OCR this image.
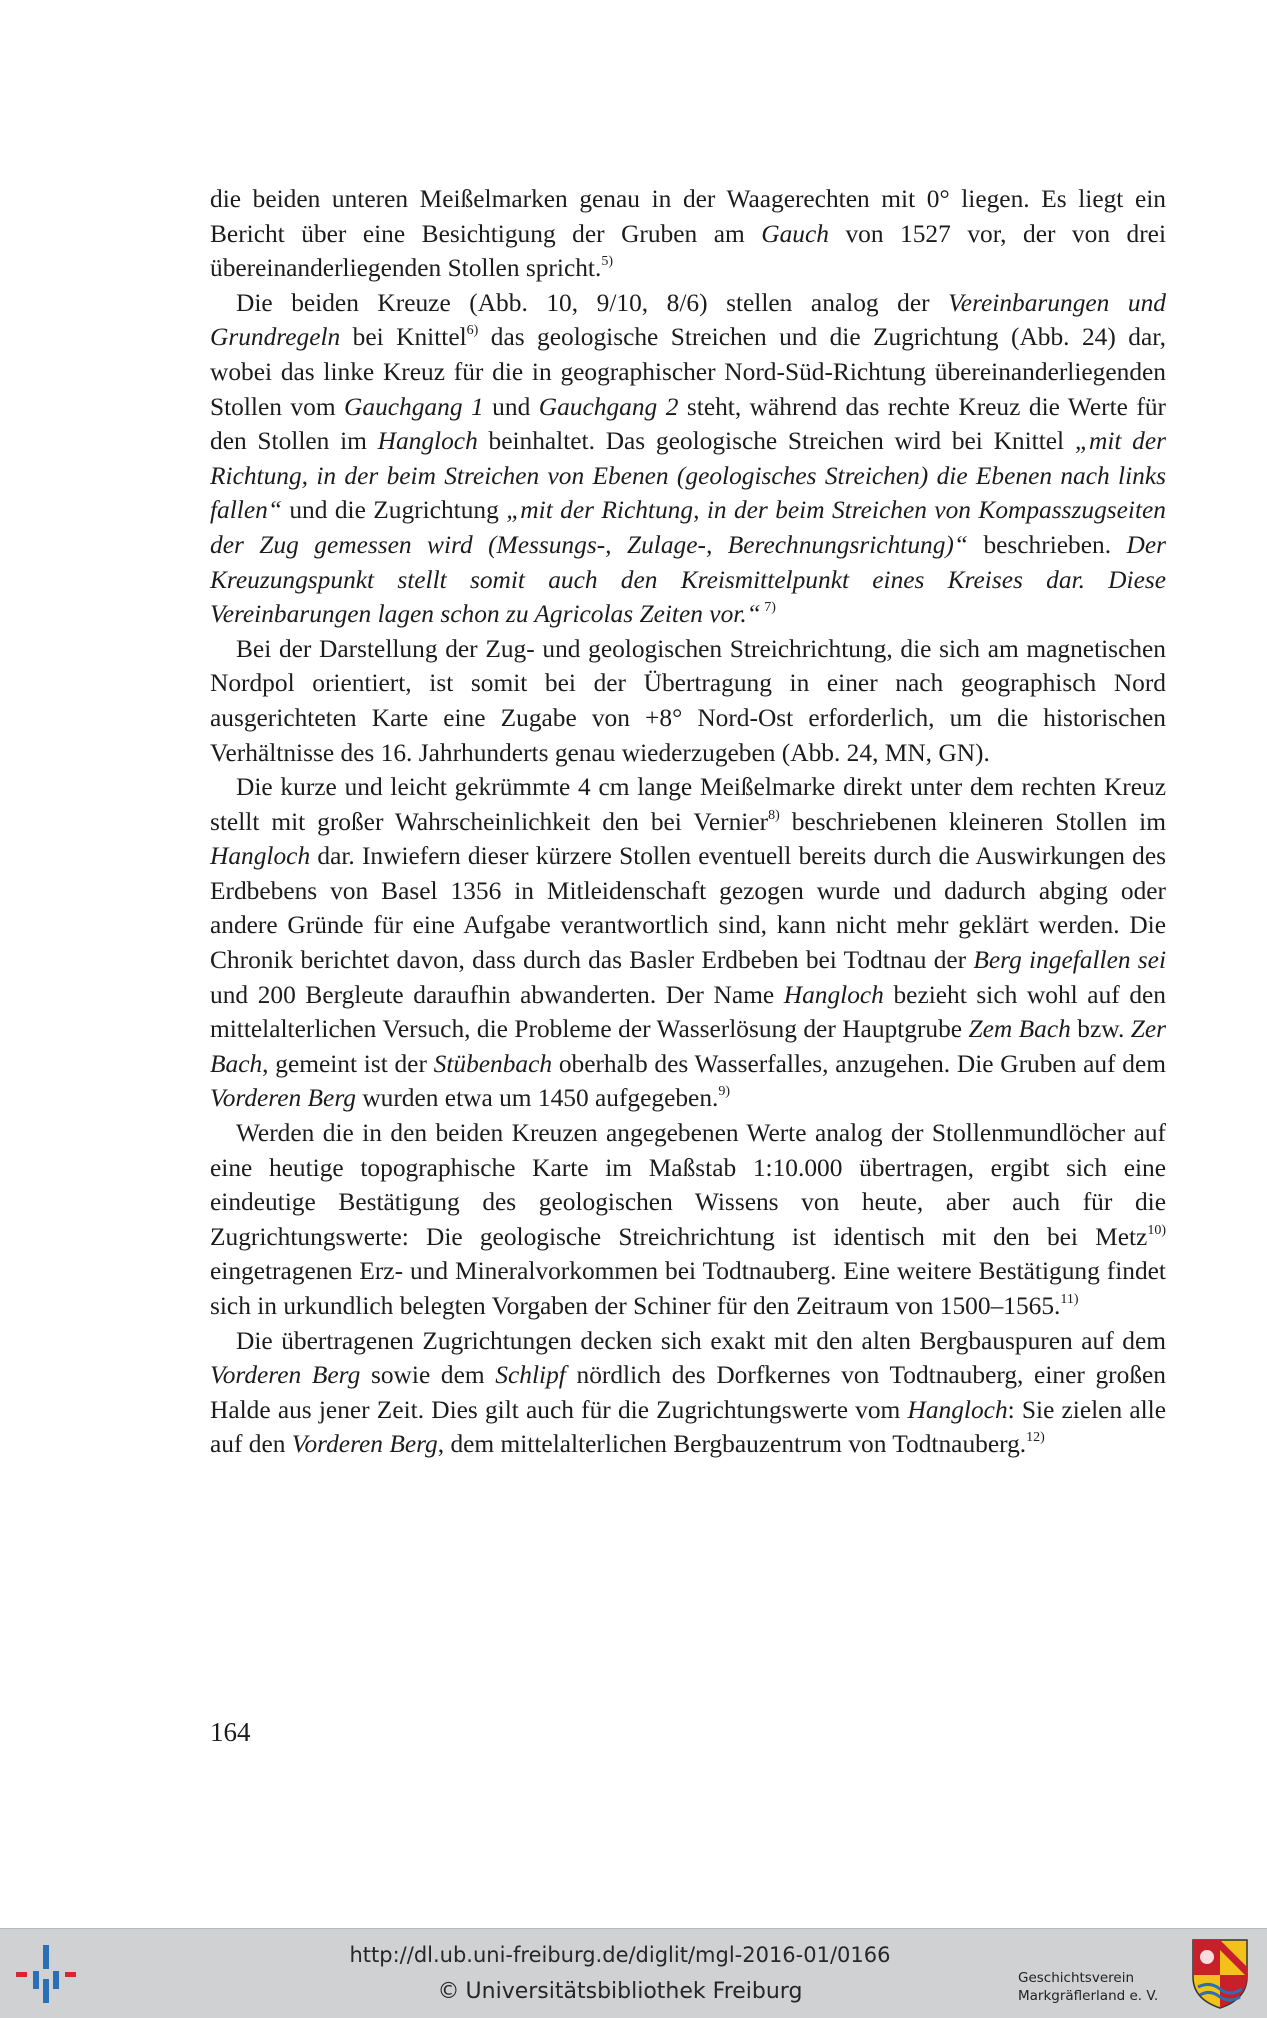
die beiden unteren Meißelmarken genau in der Waagerechten mit 0° liegen. Es liegt ein Bericht über eine Besichtigung der Gruben am Gauch von 1527 vor, der von drei übereinanderliegenden Stollen spricht.$^{5)}$

Die beiden Kreuze (Abb. 10, 9/10, 8/6) stellen analog der Vereinbarungen und Grundregeln bei Knittel$^{6)}$ das geologische Streichen und die Zugrichtung (Abb. 24) dar, wobei das linke Kreuz für die in geographischer Nord-Süd-Richtung übereinanderliegenden Stollen vom Gauchgang 1 und Gauchgang 2 steht, während das rechte Kreuz die Werte für den Stollen im Hangloch beinhaltet. Das geologische Streichen wird bei Knittel „mit der Richtung, in der beim Streichen von Ebenen (geologisches Streichen) die Ebenen nach links fallen“ und die Zugrichtung „mit der Richtung, in der beim Streichen von Kompasszugseiten der Zug gemessen wird (Messungs-, Zulage-, Berechnungsrichtung)“ beschrieben. Der Kreuzungspunkt stellt somit auch den Kreismittelpunkt eines Kreises dar. Diese Vereinbarungen lagen schon zu Agricolas Zeiten vor.“ $^{7)}$

Bei der Darstellung der Zug- und geologischen Streichrichtung, die sich am magnetischen Nordpol orientiert, ist somit bei der Übertragung in einer nach geographisch Nord ausgerichteten Karte eine Zugabe von +8° Nord-Ost erforderlich, um die historischen Verhältnisse des 16. Jahrhunderts genau wiederzugeben (Abb. 24, MN, GN).

Die kurze und leicht gekrümmte 4 cm lange Meißelmarke direkt unter dem rechten Kreuz stellt mit großer Wahrscheinlichkeit den bei Vernier$^{8)}$ beschriebenen kleineren Stollen im Hangloch dar. Inwiefern dieser kürzere Stollen eventuell bereits durch die Auswirkungen des Erdbebens von Basel 1356 in Mitleidenschaft gezogen wurde und dadurch abging oder andere Gründe für eine Aufgabe verantwortlich sind, kann nicht mehr geklärt werden. Die Chronik berichtet davon, dass durch das Basler Erdbeben bei Todtnau der Berg ingefallen sei und 200 Bergleute daraufhin abwanderten. Der Name Hangloch bezieht sich wohl auf den mittelalterlichen Versuch, die Probleme der Wasserlösung der Hauptgrube Zem Bach bzw. Zer Bach, gemeint ist der Stübenbach oberhalb des Wasserfalles, anzugehen. Die Gruben auf dem Vorderen Berg wurden etwa um 1450 aufgegeben.$^{9)}$

Werden die in den beiden Kreuzen angegebenen Werte analog der Stollenmundlöcher auf eine heutige topographische Karte im Maßstab 1:10.000 übertragen, ergibt sich eine eindeutige Bestätigung des geologischen Wissens von heute, aber auch für die Zugrichtungswerte: Die geologische Streichrichtung ist identisch mit den bei Metz$^{10)}$ eingetragenen Erz- und Mineralvorkommen bei Todtnauberg. Eine weitere Bestätigung findet sich in urkundlich belegten Vorgaben der Schiner für den Zeitraum von 1500–1565.$^{11)}$

Die übertragenen Zugrichtungen decken sich exakt mit den alten Bergbauspuren auf dem Vorderen Berg sowie dem Schlipf nördlich des Dorfkernes von Todtnauberg, einer großen Halde aus jener Zeit. Dies gilt auch für die Zugrichtungswerte vom Hangloch: Sie zielen alle auf den Vorderen Berg, dem mittelalterlichen Bergbauzentrum von Todtnauberg.$^{12)}$

164
http://dl.ub.uni-freiburg.de/diglit/mgl-2016-01/0166
© Universitätsbibliothek Freiburg
Geschichtsverein
Markgräflerland e. V.
